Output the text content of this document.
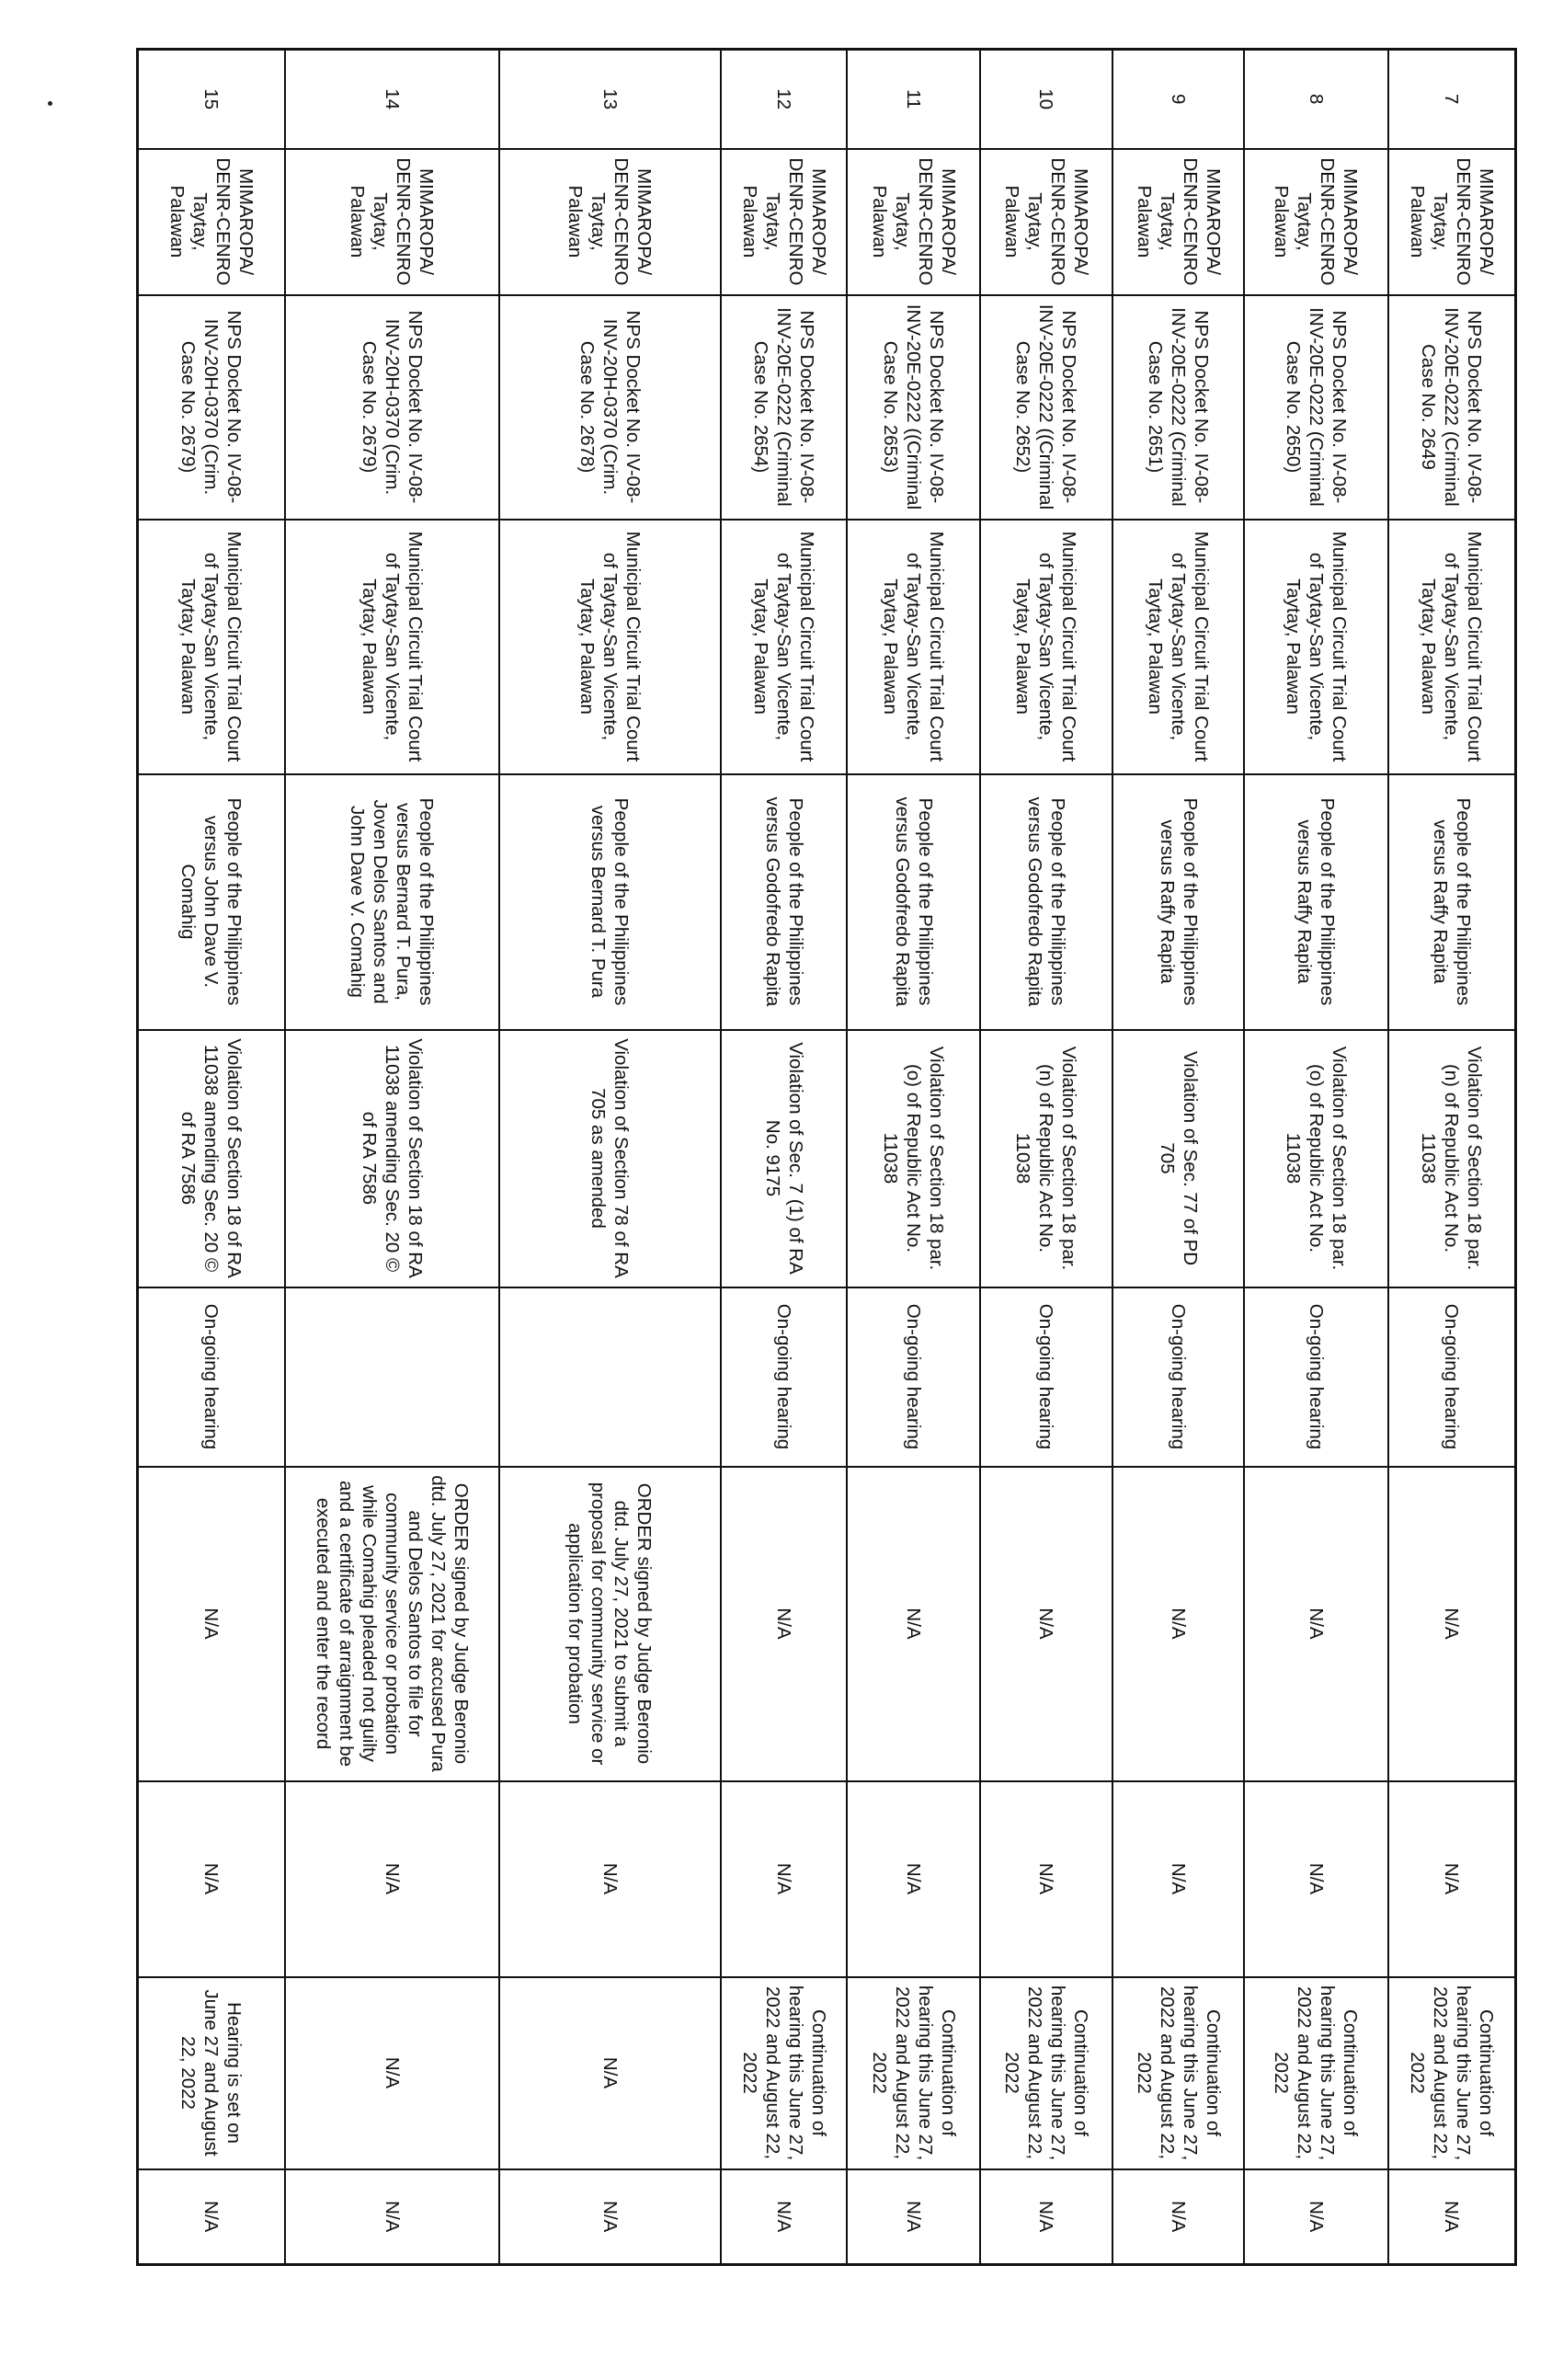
7	MIMAROPA/ DENR-CENRO Taytay, Palawan	NPS Docket No. IV-08-INV-20E-0222 (Criminal Case No. 2649	Municipal Circuit Trial Court of Taytay-San Vicente, Taytay, Palawan	People of the Philippines versus Raffy Rapita	Violation of Section 18 par. (n) of Republic Act No. 11038	On-going hearing	N/A	N/A	Continuation of hearing this June 27, 2022 and August 22, 2022	N/A
8	MIMAROPA/ DENR-CENRO Taytay, Palawan	NPS Docket No. IV-08-INV-20E-0222 (Criminal Case No. 2650)	Municipal Circuit Trial Court of Taytay-San Vicente, Taytay, Palawan	People of the Philippines versus Raffy Rapita	Violation of Section 18 par. (o) of Republic Act No. 11038	On-going hearing	N/A	N/A	Continuation of hearing this June 27, 2022 and August 22, 2022	N/A
9	MIMAROPA/ DENR-CENRO Taytay, Palawan	NPS Docket No. IV-08-INV-20E-0222 (Criminal Case No. 2651)	Municipal Circuit Trial Court of Taytay-San Vicente, Taytay, Palawan	People of the Philippines versus Raffy Rapita	Violation of Sec. 77 of PD 705	On-going hearing	N/A	N/A	Continuation of hearing this June 27, 2022 and August 22, 2022	N/A
10	MIMAROPA/ DENR-CENRO Taytay, Palawan	NPS Docket No. IV-08-INV-20E-0222 ((Criminal Case No. 2652)	Municipal Circuit Trial Court of Taytay-San Vicente, Taytay, Palawan	People of the Philippines versus Godofredo Rapita	Violation of Section 18 par. (n) of Republic Act No. 11038	On-going hearing	N/A	N/A	Continuation of hearing this June 27, 2022 and August 22, 2022	N/A
11	MIMAROPA/ DENR-CENRO Taytay, Palawan	NPS Docket No. IV-08-INV-20E-0222 ((Criminal Case No. 2653)	Municipal Circuit Trial Court of Taytay-San Vicente, Taytay, Palawan	People of the Philippines versus Godofredo Rapita	Violation of Section 18 par. (o) of Republic Act No. 11038	On-going hearing	N/A	N/A	Continuation of hearing this June 27, 2022 and August 22, 2022	N/A
12	MIMAROPA/ DENR-CENRO Taytay, Palawan	NPS Docket No. IV-08-INV-20E-0222 (Criminal Case No. 2654)	Municipal Circuit Trial Court of Taytay-San Vicente, Taytay, Palawan	People of the Philippines versus Godofredo Rapita	Violation of Sec. 7 (1) of RA No. 9175	On-going hearing	N/A	N/A	Continuation of hearing this June 27, 2022 and August 22, 2022	N/A
13	MIMAROPA/ DENR-CENRO Taytay, Palawan	NPS Docket No. IV-08-INV-20H-0370 (Crim. Case No. 2678)	Municipal Circuit Trial Court of Taytay-San Vicente, Taytay, Palawan	People of the Philippines versus Bernard T. Pura	Violation of Section 78 of RA 705 as amended		ORDER signed by Judge Beronio dtd. July 27, 2021 to submit a proposal for community service or application for probation	N/A	N/A	N/A
14	MIMAROPA/ DENR-CENRO Taytay, Palawan	NPS Docket No. IV-08-INV-20H-0370 (Crim. Case No. 2679)	Municipal Circuit Trial Court of Taytay-San Vicente, Taytay, Palawan	People of the Philippines versus Bernard T. Pura, Joven Delos Santos and John Dave V. Comahig	Violation of Section 18 of RA 11038 amending Sec. 20 © of RA 7586		ORDER signed by Judge Beronio dtd. July 27, 2021 for accused Pura and Delos Santos to file for community service or probation while Comahig pleaded not guilty and a certificate of arraignment be executed and enter the record	N/A	N/A	N/A
15	MIMAROPA/ DENR-CENRO Taytay, Palawan	NPS Docket No. IV-08-INV-20H-0370 (Crim. Case No. 2679)	Municipal Circuit Trial Court of Taytay-San Vicente, Taytay, Palawan	People of the Philippines versus John Dave V. Comahig	Violation of Section 18 of RA 11038 amending Sec. 20 © of RA 7586	On-going hearing	N/A	N/A	Hearing is set on June 27 and August 22, 2022	N/A
